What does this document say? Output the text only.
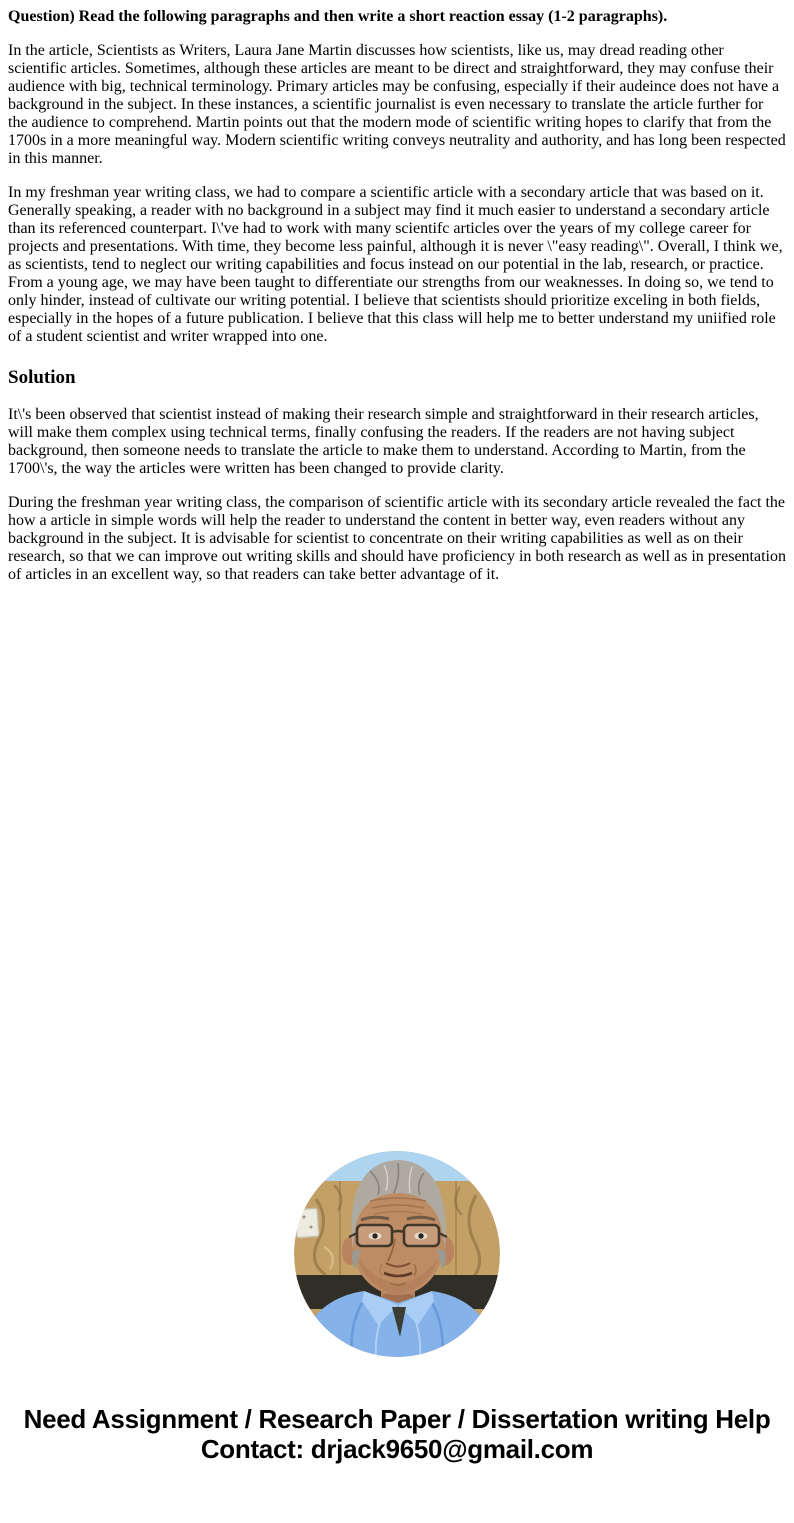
Question) Read the following paragraphs and then write a short reaction essay (1-2 paragraphs).

In the article, Scientists as Writers, Laura Jane Martin discusses how scientists, like us, may dread reading other scientific articles. Sometimes, although these articles are meant to be direct and straightforward, they may confuse their audience with big, technical terminology. Primary articles may be confusing, especially if their audeince does not have a background in the subject. In these instances, a scientific journalist is even necessary to translate the article further for the audience to comprehend. Martin points out that the modern mode of scientific writing hopes to clarify that from the 1700s in a more meaningful way. Modern scientific writing conveys neutrality and authority, and has long been respected in this manner.

In my freshman year writing class, we had to compare a scientific article with a secondary article that was based on it. Generally speaking, a reader with no background in a subject may find it much easier to understand a secondary article than its referenced counterpart. I\'ve had to work with many scientifc articles over the years of my college career for projects and presentations. With time, they become less painful, although it is never \"easy reading\". Overall, I think we, as scientists, tend to neglect our writing capabilities and focus instead on our potential in the lab, research, or practice. From a young age, we may have been taught to differentiate our strengths from our weaknesses. In doing so, we tend to only hinder, instead of cultivate our writing potential. I believe that scientists should prioritize exceling in both fields, especially in the hopes of a future publication. I believe that this class will help me to better understand my uniified role of a student scientist and writer wrapped into one.

Solution

It\'s been observed that scientist instead of making their research simple and straightforward in their research articles, will make them complex using technical terms, finally confusing the readers. If the readers are not having subject background, then someone needs to translate the article to make them to understand. According to Martin, from the 1700\'s, the way the articles were written has been changed to provide clarity.

During the freshman year writing class, the comparison of scientific article with its secondary article revealed the fact the how a article in simple words will help the reader to understand the content in better way, even readers without any background in the subject. It is advisable for scientist to concentrate on their writing capabilities as well as on their research, so that we can improve out writing skills and should have proficiency in both research as well as in presentation of articles in an excellent way, so that readers can take better advantage of it.

Need Assignment / Research Paper / Dissertation writing Help
Contact: drjack9650@gmail.com
